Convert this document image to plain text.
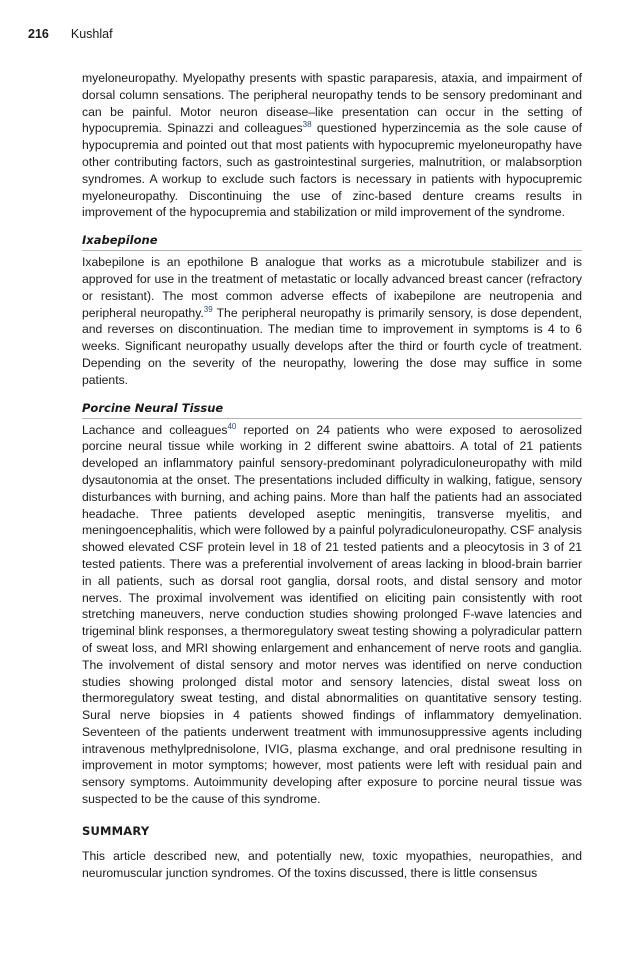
216 Kushlaf

myeloneuropathy. Myelopathy presents with spastic paraparesis, ataxia, and impairment of dorsal column sensations. The peripheral neuropathy tends to be sensory predominant and can be painful. Motor neuron disease–like presentation can occur in the setting of hypocupremia. Spinazzi and colleagues$^{38}$ questioned hyperzincemia as the sole cause of hypocupremia and pointed out that most patients with hypocupremic myeloneuropathy have other contributing factors, such as gastrointestinal surgeries, malnutrition, or malabsorption syndromes. A workup to exclude such factors is necessary in patients with hypocupremic myeloneuropathy. Discontinuing the use of zinc-based denture creams results in improvement of the hypocupremia and stabilization or mild improvement of the syndrome.

Ixabepilone

Ixabepilone is an epothilone B analogue that works as a microtubule stabilizer and is approved for use in the treatment of metastatic or locally advanced breast cancer (refractory or resistant). The most common adverse effects of ixabepilone are neutropenia and peripheral neuropathy.$^{39}$ The peripheral neuropathy is primarily sensory, is dose dependent, and reverses on discontinuation. The median time to improvement in symptoms is 4 to 6 weeks. Significant neuropathy usually develops after the third or fourth cycle of treatment. Depending on the severity of the neuropathy, lowering the dose may suffice in some patients.

Porcine Neural Tissue

Lachance and colleagues$^{40}$ reported on 24 patients who were exposed to aerosolized porcine neural tissue while working in 2 different swine abattoirs. A total of 21 patients developed an inflammatory painful sensory-predominant polyradiculoneuropathy with mild dysautonomia at the onset. The presentations included difficulty in walking, fatigue, sensory disturbances with burning, and aching pains. More than half the patients had an associated headache. Three patients developed aseptic meningitis, transverse myelitis, and meningoencephalitis, which were followed by a painful polyradiculoneuropathy. CSF analysis showed elevated CSF protein level in 18 of 21 tested patients and a pleocytosis in 3 of 21 tested patients. There was a preferential involvement of areas lacking in blood-brain barrier in all patients, such as dorsal root ganglia, dorsal roots, and distal sensory and motor nerves. The proximal involvement was identified on eliciting pain consistently with root stretching maneuvers, nerve conduction studies showing prolonged F-wave latencies and trigeminal blink responses, a thermoregulatory sweat testing showing a polyradicular pattern of sweat loss, and MRI showing enlargement and enhancement of nerve roots and ganglia. The involvement of distal sensory and motor nerves was identified on nerve conduction studies showing prolonged distal motor and sensory latencies, distal sweat loss on thermoregulatory sweat testing, and distal abnormalities on quantitative sensory testing. Sural nerve biopsies in 4 patients showed findings of inflammatory demyelination. Seventeen of the patients underwent treatment with immunosuppressive agents including intravenous methylprednisolone, IVIG, plasma exchange, and oral prednisone resulting in improvement in motor symptoms; however, most patients were left with residual pain and sensory symptoms. Autoimmunity developing after exposure to porcine neural tissue was suspected to be the cause of this syndrome.

SUMMARY

This article described new, and potentially new, toxic myopathies, neuropathies, and neuromuscular junction syndromes. Of the toxins discussed, there is little consensus
